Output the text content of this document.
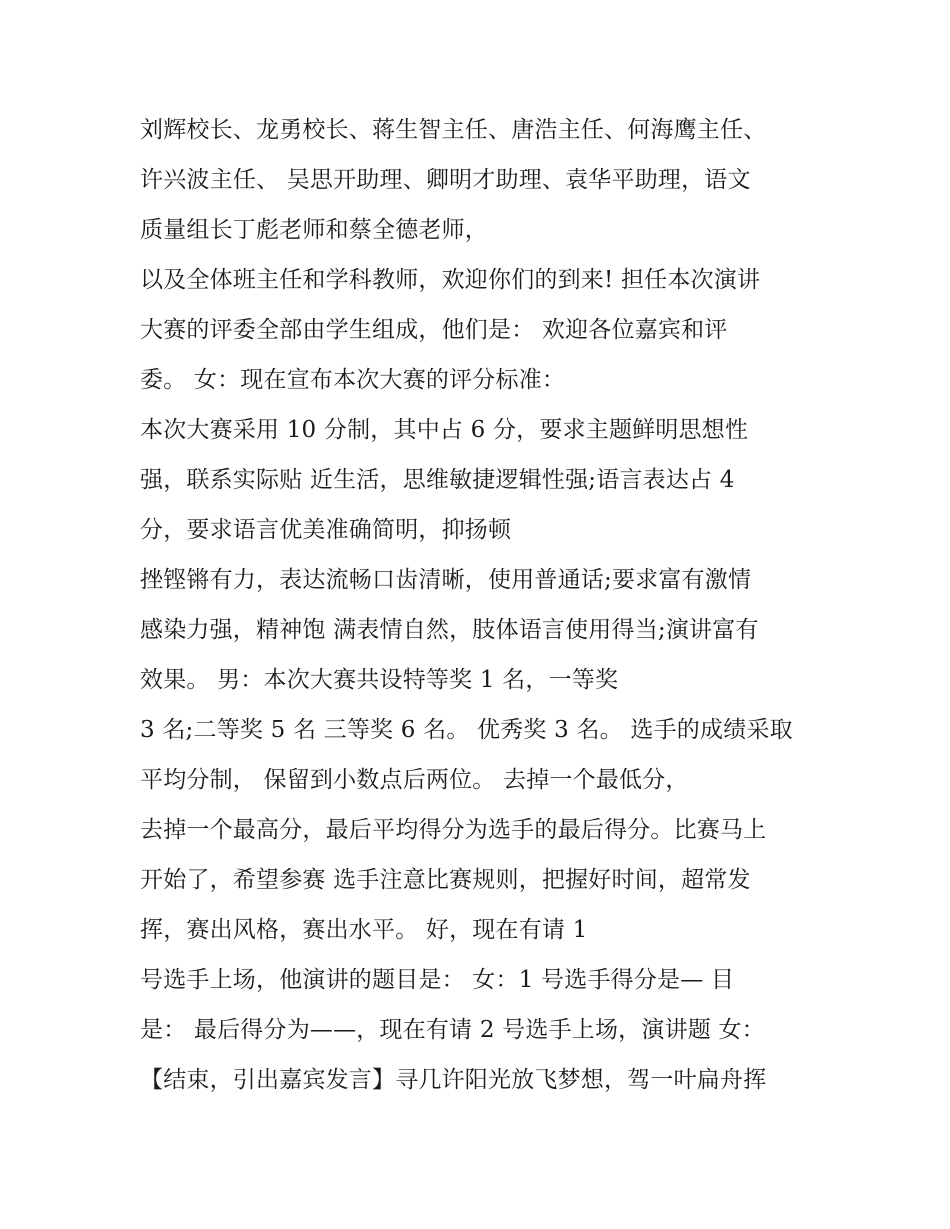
刘辉校长、龙勇校长、蒋生智主任、唐浩主任、何海鹰主任、
许兴波主任、 吴思开助理、卿明才助理、袁华平助理，语文
质量组长丁彪老师和蔡全德老师，
以及全体班主任和学科教师，欢迎你们的到来! 担任本次演讲
大赛的评委全部由学生组成，他们是： 欢迎各位嘉宾和评
委。 女：现在宣布本次大赛的评分标准：
本次大赛采用 10 分制，其中占 6 分，要求主题鲜明思想性
强，联系实际贴 近生活，思维敏捷逻辑性强;语言表达占 4
分，要求语言优美准确简明，抑扬顿
挫铿锵有力，表达流畅口齿清晰，使用普通话;要求富有激情
感染力强，精神饱 满表情自然，肢体语言使用得当;演讲富有
效果。 男：本次大赛共设特等奖 1 名，一等奖
3 名;二等奖 5 名 三等奖 6 名。 优秀奖 3 名。 选手的成绩采取
平均分制， 保留到小数点后两位。 去掉一个最低分，
去掉一个最高分，最后平均得分为选手的最后得分。比赛马上
开始了，希望参赛 选手注意比赛规则，把握好时间，超常发
挥，赛出风格，赛出水平。 好，现在有请 1
号选手上场，他演讲的题目是： 女：1 号选手得分是— 目
是： 最后得分为——，现在有请 2 号选手上场，演讲题 女：
【结束，引出嘉宾发言】寻几许阳光放飞梦想，驾一叶扁舟挥
